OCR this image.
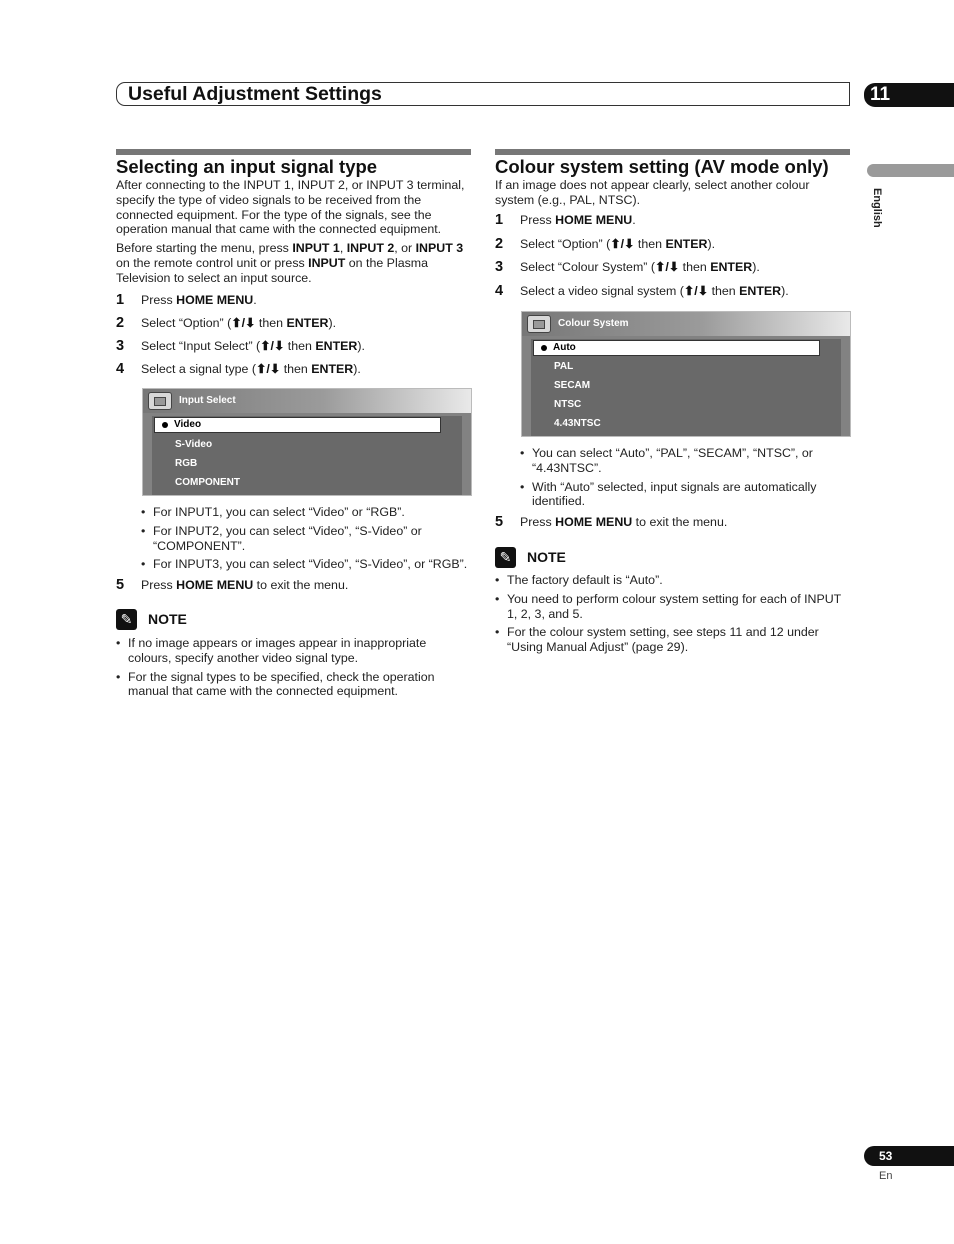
Useful Adjustment Settings	11
English
Selecting an input signal type
After connecting to the INPUT 1, INPUT 2, or INPUT 3 terminal, specify the type of video signals to be received from the connected equipment. For the type of the signals, see the operation manual that came with the connected equipment.
Before starting the menu, press INPUT 1, INPUT 2, or INPUT 3 on the remote control unit or press INPUT on the Plasma Television to select an input source.
1	Press HOME MENU.
2	Select “Option” (⬆/⬇ then ENTER).
3	Select “Input Select” (⬆/⬇ then ENTER).
4	Select a signal type (⬆/⬇ then ENTER).
Input Select
Video
S-Video
RGB
COMPONENT
• For INPUT1, you can select “Video” or “RGB”.
• For INPUT2, you can select “Video”, “S-Video” or “COMPONENT”.
• For INPUT3, you can select “Video”, “S-Video”, or “RGB”.
5	Press HOME MENU to exit the menu.
✎	NOTE
• If no image appears or images appear in inappropriate colours, specify another video signal type.
• For the signal types to be specified, check the operation manual that came with the connected equipment.
Colour system setting (AV mode only)
If an image does not appear clearly, select another colour system (e.g., PAL, NTSC).
1	Press HOME MENU.
2	Select “Option” (⬆/⬇ then ENTER).
3	Select “Colour System” (⬆/⬇ then ENTER).
4	Select a video signal system (⬆/⬇ then ENTER).
Colour System
Auto
PAL
SECAM
NTSC
4.43NTSC
• You can select “Auto”, “PAL”, “SECAM”, “NTSC”, or “4.43NTSC”.
• With “Auto” selected, input signals are automatically identified.
5	Press HOME MENU to exit the menu.
✎	NOTE
• The factory default is “Auto”.
• You need to perform colour system setting for each of INPUT 1, 2, 3, and 5.
• For the colour system setting, see steps 11 and 12 under “Using Manual Adjust” (page 29).
53
En
